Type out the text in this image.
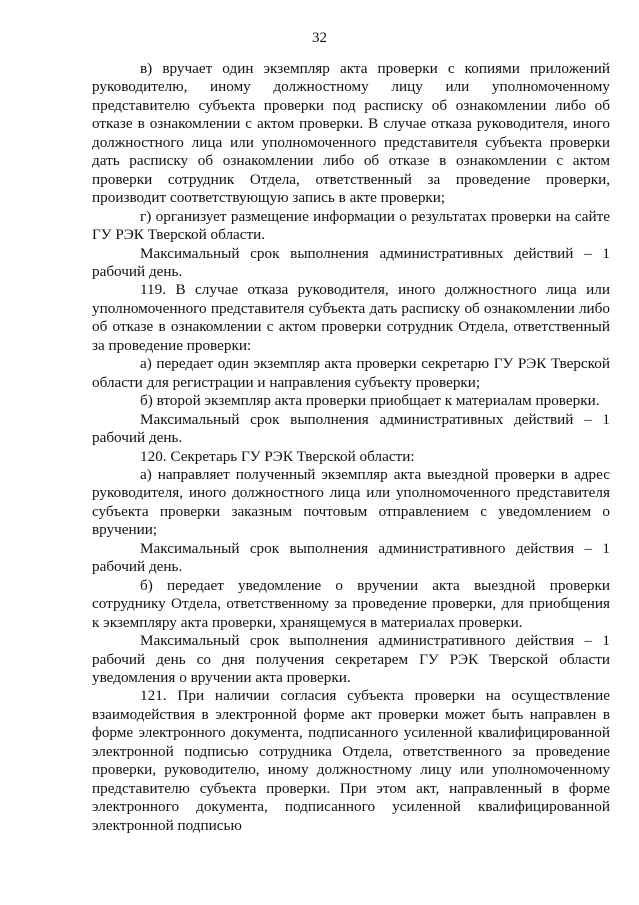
32

в) вручает один экземпляр акта проверки с копиями приложений руководителю, иному должностному лицу или уполномоченному представителю субъекта проверки под расписку об ознакомлении либо об отказе в ознакомлении с актом проверки. В случае отказа руководителя, иного должностного лица или уполномоченного представителя субъекта проверки дать расписку об ознакомлении либо об отказе в ознакомлении с актом проверки сотрудник Отдела, ответственный за проведение проверки, производит соответствующую запись в акте проверки;

г) организует размещение информации о результатах проверки на сайте ГУ РЭК Тверской области.

Максимальный срок выполнения административных действий – 1 рабочий день.

119. В случае отказа руководителя, иного должностного лица или уполномоченного представителя субъекта дать расписку об ознакомлении либо об отказе в ознакомлении с актом проверки сотрудник Отдела, ответственный за проведение проверки:

а) передает один экземпляр акта проверки секретарю ГУ РЭК Тверской области для регистрации и направления субъекту проверки;

б) второй экземпляр акта проверки приобщает к материалам проверки.

Максимальный срок выполнения административных действий – 1 рабочий день.

120. Секретарь ГУ РЭК Тверской области:

а) направляет полученный экземпляр акта выездной проверки в адрес руководителя, иного должностного лица или уполномоченного представителя субъекта проверки заказным почтовым отправлением с уведомлением о вручении;

Максимальный срок выполнения административного действия – 1 рабочий день.

б) передает уведомление о вручении акта выездной проверки сотруднику Отдела, ответственному за проведение проверки, для приобщения к экземпляру акта проверки, хранящемуся в материалах проверки.

Максимальный срок выполнения административного действия – 1 рабочий день со дня получения секретарем ГУ РЭК Тверской области уведомления о вручении акта проверки.

121. При наличии согласия субъекта проверки на осуществление взаимодействия в электронной форме акт проверки может быть направлен в форме электронного документа, подписанного усиленной квалифицированной электронной подписью сотрудника Отдела, ответственного за проведение проверки, руководителю, иному должностному лицу или уполномоченному представителю субъекта проверки. При этом акт, направленный в форме электронного документа, подписанного усиленной квалифицированной электронной подписью
